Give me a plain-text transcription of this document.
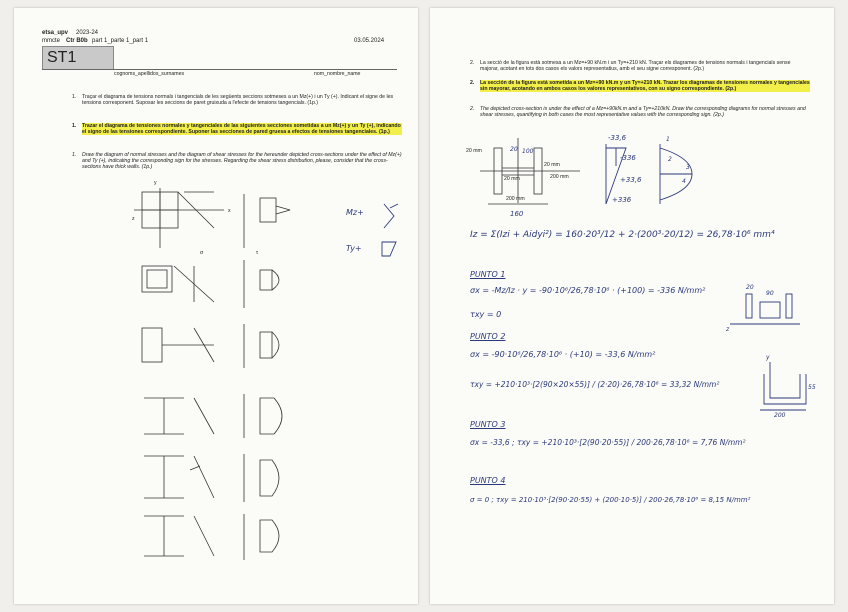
etsa_upv 2023-24
mmcte Ctr B0b part 1_parte 1_part 1	03.05.2024
ST1
cognoms_apellidos_surnames	nom_nombre_name
1. Traçar el diagrama de tensions normals i tangencials de les següents seccions sotmeses a un Mz(+) i un Ty (+). Indicant el signe de les tensions corresponent. Suposar les seccions de paret gruixuda a l'efecte de tensions tangencials. (1p.)
1. Trazar el diagrama de tensiones normales y tangenciales de las siguientes secciones sometidas a un Mz(+) y un Ty (+), indicando el signo de las tensiones correspondiente. Suponer las secciones de pared gruesa a efectos de tensiones tangenciales. (1p.)
1. Draw the diagram of normal stresses and the diagram of shear stresses for the hereunder depicted cross-sections under the effect of Mz(+) and Ty (+), indicating the corresponding sign for the stresses. Regarding the shear stress distribution, please, consider that the cross-sections have thick walls. (1p.)
y
x
z
τ
σ
Mz+
Ty+
2. La secció de la figura està sotmesa a un Mz=+90 kN.m i un Ty=+210 kN. Traçar els diagrames de tensions normals i tangencials sense majorar, acotant en tots dos casos els valors representatius, amb el seu signe corresponent. (2p.)
2. La sección de la figura está sometida a un Mz=+90 kN.m y un Ty=+210 kN. Trazar los diagramas de tensiones normales y tangenciales sin mayorar, acotando en ambos casos los valores representativos, con su signo correspondiente. (2p.)
2. The depicted cross-section is under the effect of a Mz=+90kN.m and a Ty=+210kN. Draw the corresponding diagrams for normal stresses and shear stresses, quantifying in both cases the most representative values with the corresponding sign. (2p.)
20 mm
20 mm
200 mm
20 mm
200 mm
20 100
-33,6
-336
+33,6
+336
160
1
2
3
4
90
20
55
200
y
z
Iz = Σ(Izi + Aidyi²) = 160·20³/12 + 2·(200³·20/12) = 26,78·10⁶ mm⁴
PUNTO 1
σx = -Mz/Iz · y = -90·10⁶/26,78·10⁶ · (+100) = -336 N/mm²
τxy = 0
PUNTO 2
σx = -90·10⁶/26,78·10⁶ · (+10) = -33,6 N/mm²
τxy = +210·10³·[2(90×20×55)] / (2·20)·26,78·10⁶ = 33,32 N/mm²
PUNTO 3
σx = -33,6 ; τxy = +210·10³·[2(90·20·55)] / 200·26,78·10⁶ = 7,76 N/mm²
PUNTO 4
σ = 0 ; τxy = 210·10³·[2(90·20·55) + (200·10·5)] / 200·26,78·10⁶ = 8,15 N/mm²
